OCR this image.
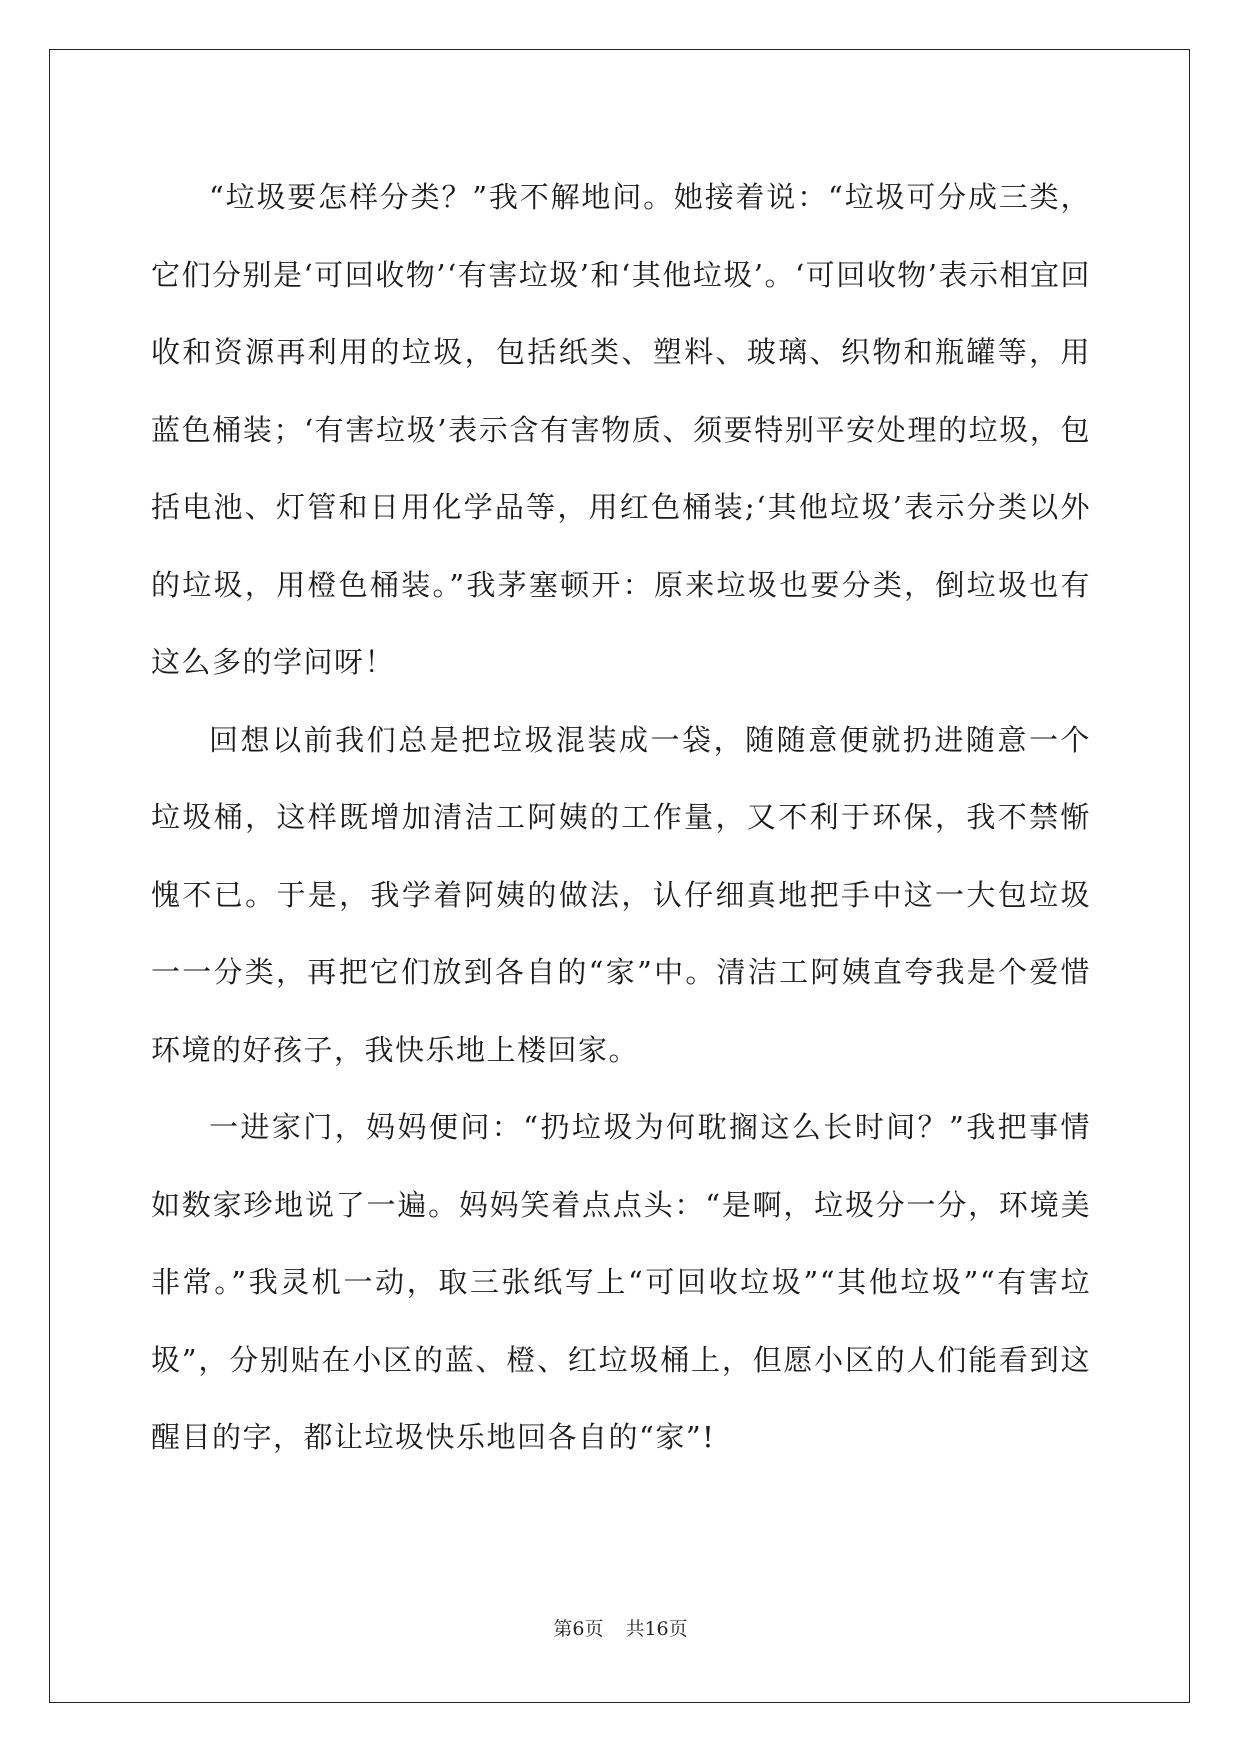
“垃圾要怎样分类？”我不解地问。她接着说：“垃圾可分成三类，它们分别是‘可回收物’‘有害垃圾’和‘其他垃圾’。‘可回收物’表示相宜回收和资源再利用的垃圾，包括纸类、塑料、玻璃、织物和瓶罐等，用蓝色桶装；‘有害垃圾’表示含有害物质、须要特别平安处理的垃圾，包括电池、灯管和日用化学品等，用红色桶装;‘其他垃圾’表示分类以外的垃圾，用橙色桶装。”我茅塞顿开：原来垃圾也要分类，倒垃圾也有这么多的学问呀！

回想以前我们总是把垃圾混装成一袋，随随意便就扔进随意一个垃圾桶，这样既增加清洁工阿姨的工作量，又不利于环保，我不禁惭愧不已。于是，我学着阿姨的做法，认仔细真地把手中这一大包垃圾一一分类，再把它们放到各自的“家”中。清洁工阿姨直夸我是个爱惜环境的好孩子，我快乐地上楼回家。

一进家门，妈妈便问：“扔垃圾为何耽搁这么长时间？”我把事情如数家珍地说了一遍。妈妈笑着点点头：“是啊，垃圾分一分，环境美非常。”我灵机一动，取三张纸写上“可回收垃圾”“其他垃圾”“有害垃圾”，分别贴在小区的蓝、橙、红垃圾桶上，但愿小区的人们能看到这醒目的字，都让垃圾快乐地回各自的“家”!

第6页 共16页
